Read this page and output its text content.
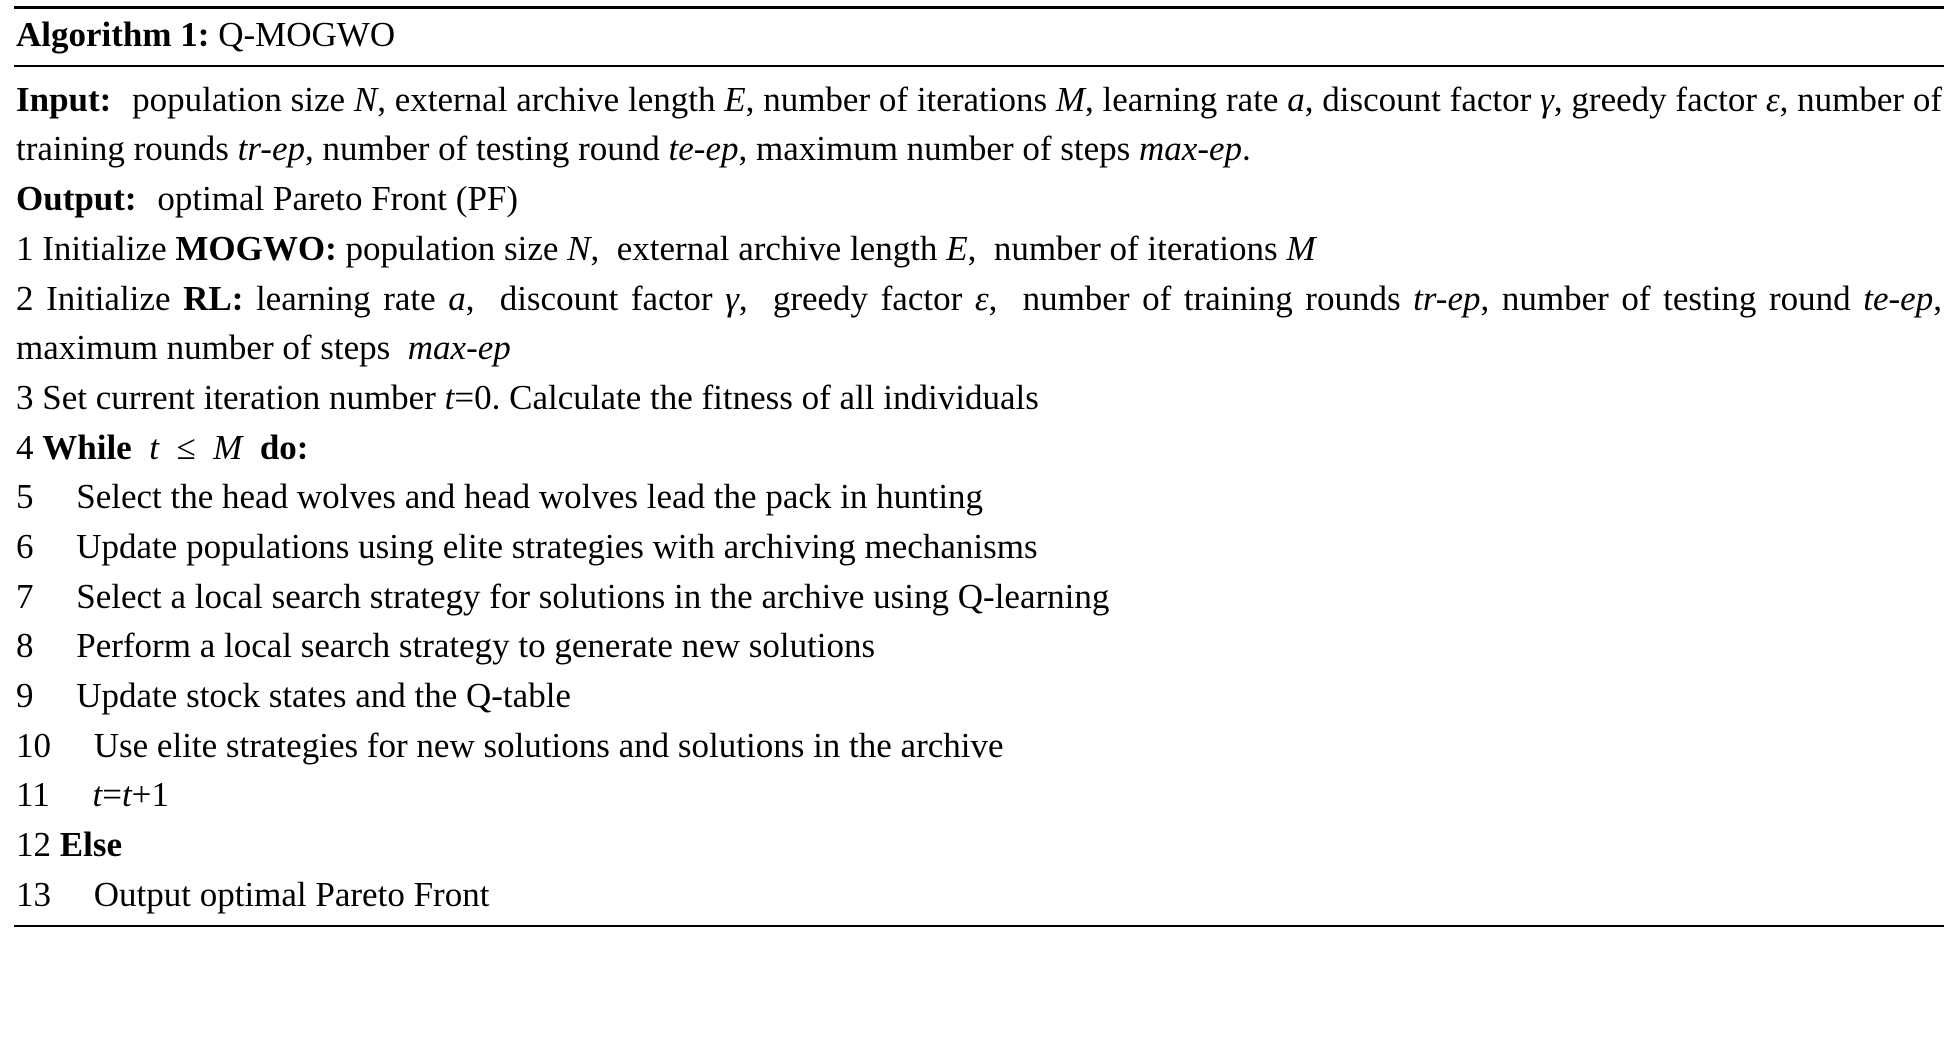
Algorithm 1: Q-MOGWO
Input: population size N, external archive length E, number of iterations M, learning rate a, discount factor γ, greedy factor ε, number of training rounds tr-ep, number of testing round te-ep, maximum number of steps max-ep.
Output: optimal Pareto Front (PF)
1 Initialize MOGWO: population size N,  external archive length E,  number of iterations M
2 Initialize RL: learning rate a,  discount factor γ,  greedy factor ε,  number of training rounds tr-ep, number of testing round te-ep, maximum number of steps  max-ep
3 Set current iteration number t=0. Calculate the fitness of all individuals
4 While t  ≤  M do:
5 Select the head wolves and head wolves lead the pack in hunting
6 Update populations using elite strategies with archiving mechanisms
7 Select a local search strategy for solutions in the archive using Q-learning
8 Perform a local search strategy to generate new solutions
9 Update stock states and the Q-table
10 Use elite strategies for new solutions and solutions in the archive
11 t=t+1
12 Else
13 Output optimal Pareto Front
